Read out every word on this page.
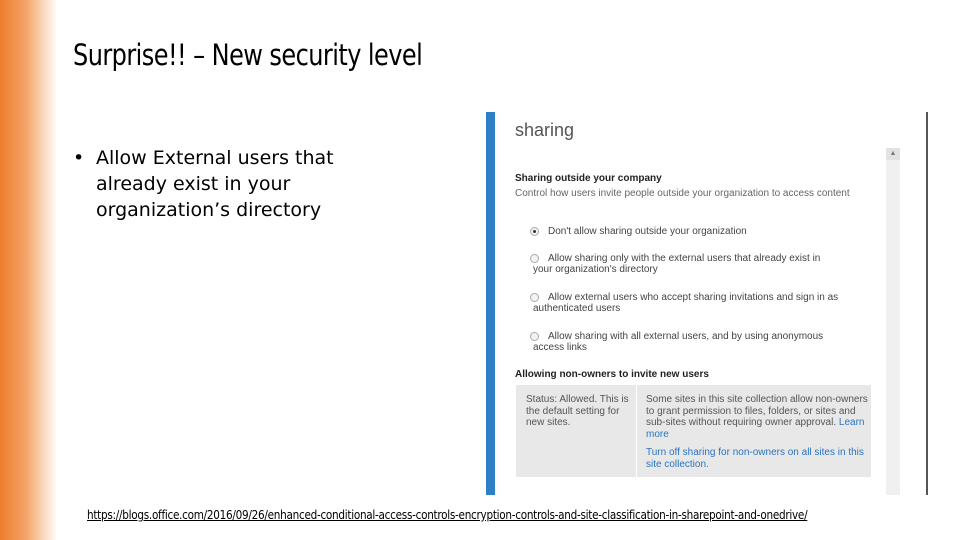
Surprise!! – New security level
• Allow External users that already exist in your organization’s directory
▲
sharing
Sharing outside your company
Control how users invite people outside your organization to access content
Don't allow sharing outside your organization
Allow sharing only with the external users that already exist in
your organization's directory
Allow external users who accept sharing invitations and sign in as
authenticated users
Allow sharing with all external users, and by using anonymous
access links
Allowing non-owners to invite new users
Status: Allowed. This is the default setting for new sites.
Some sites in this site collection allow non-owners to grant permission to files, folders, or sites and sub-sites without requiring owner approval. Learn more
Turn off sharing for non-owners on all sites in this site collection.
https://blogs.office.com/2016/09/26/enhanced-conditional-access-controls-encryption-controls-and-site-classification-in-sharepoint-and-onedrive/
